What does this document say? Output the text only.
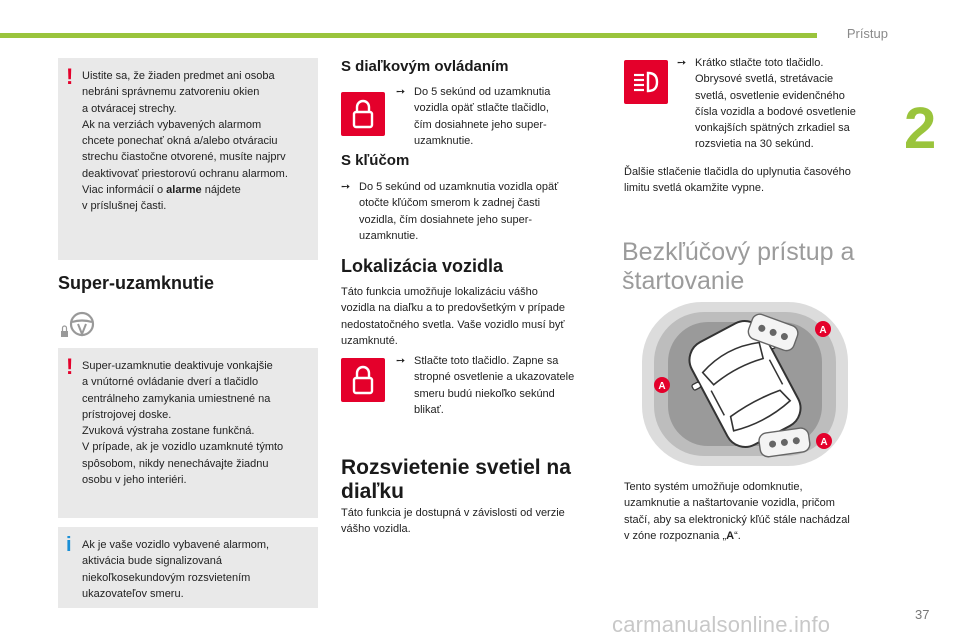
Prístup
2
37
carmanualsonline.info
! Uistite sa, že žiaden predmet ani osoba

nebráni správnemu zatvoreniu okien

a otváracej strechy.

Ak na verziách vybavených alarmom

chcete ponechať okná a/alebo otváraciu

strechu čiastočne otvorené, musíte najprv

deaktivovať priestorovú ochranu alarmom.

Viac informácií o alarme nájdete

v príslušnej časti.

Super-uzamknutie
! Super-uzamknutie deaktivuje vonkajšie

a vnútorné ovládanie dverí a tlačidlo

centrálneho zamykania umiestnené na

prístrojovej doske.

Zvuková výstraha zostane funkčná.

V prípade, ak je vozidlo uzamknuté týmto

spôsobom, nikdy nenechávajte žiadnu

osobu v jeho interiéri.

i Ak je vaše vozidlo vybavené alarmom,

aktivácia bude signalizovaná

niekoľkosekundovým rozsvietením

ukazovateľov smeru.

S diaľkovým ovládaním
➙ Do 5 sekúnd od uzamknutia
vozidla opäť stlačte tlačidlo,
čím dosiahnete jeho super-
uzamknutie.
S kľúčom
➙ Do 5 sekúnd od uzamknutia vozidla opäť
otočte kľúčom smerom k zadnej časti
vozidla, čím dosiahnete jeho super-
uzamknutie.
Lokalizácia vozidla
Táto funkcia umožňuje lokalizáciu vášho
vozidla na diaľku a to predovšetkým v prípade
nedostatočného svetla. Vaše vozidlo musí byť
uzamknuté.
➙ Stlačte toto tlačidlo. Zapne sa
stropné osvetlenie a ukazovatele
smeru budú niekoľko sekúnd
blikať.
Rozsvietenie svetiel na
diaľku
Táto funkcia je dostupná v závislosti od verzie
vášho vozidla.
➙ Krátko stlačte toto tlačidlo.
Obrysové svetlá, stretávacie
svetlá, osvetlenie evidenčného
čísla vozidla a bodové osvetlenie
vonkajších spätných zrkadiel sa
rozsvietia na 30 sekúnd.
Ďalšie stlačenie tlačidla do uplynutia časového
limitu svetlá okamžite vypne.
Bezkľúčový prístup a
štartovanie
A
A
A
Tento systém umožňuje odomknutie,
uzamknutie a naštartovanie vozidla, pričom
stačí, aby sa elektronický kľúč stále nachádzal
v zóne rozpoznania „A“.
